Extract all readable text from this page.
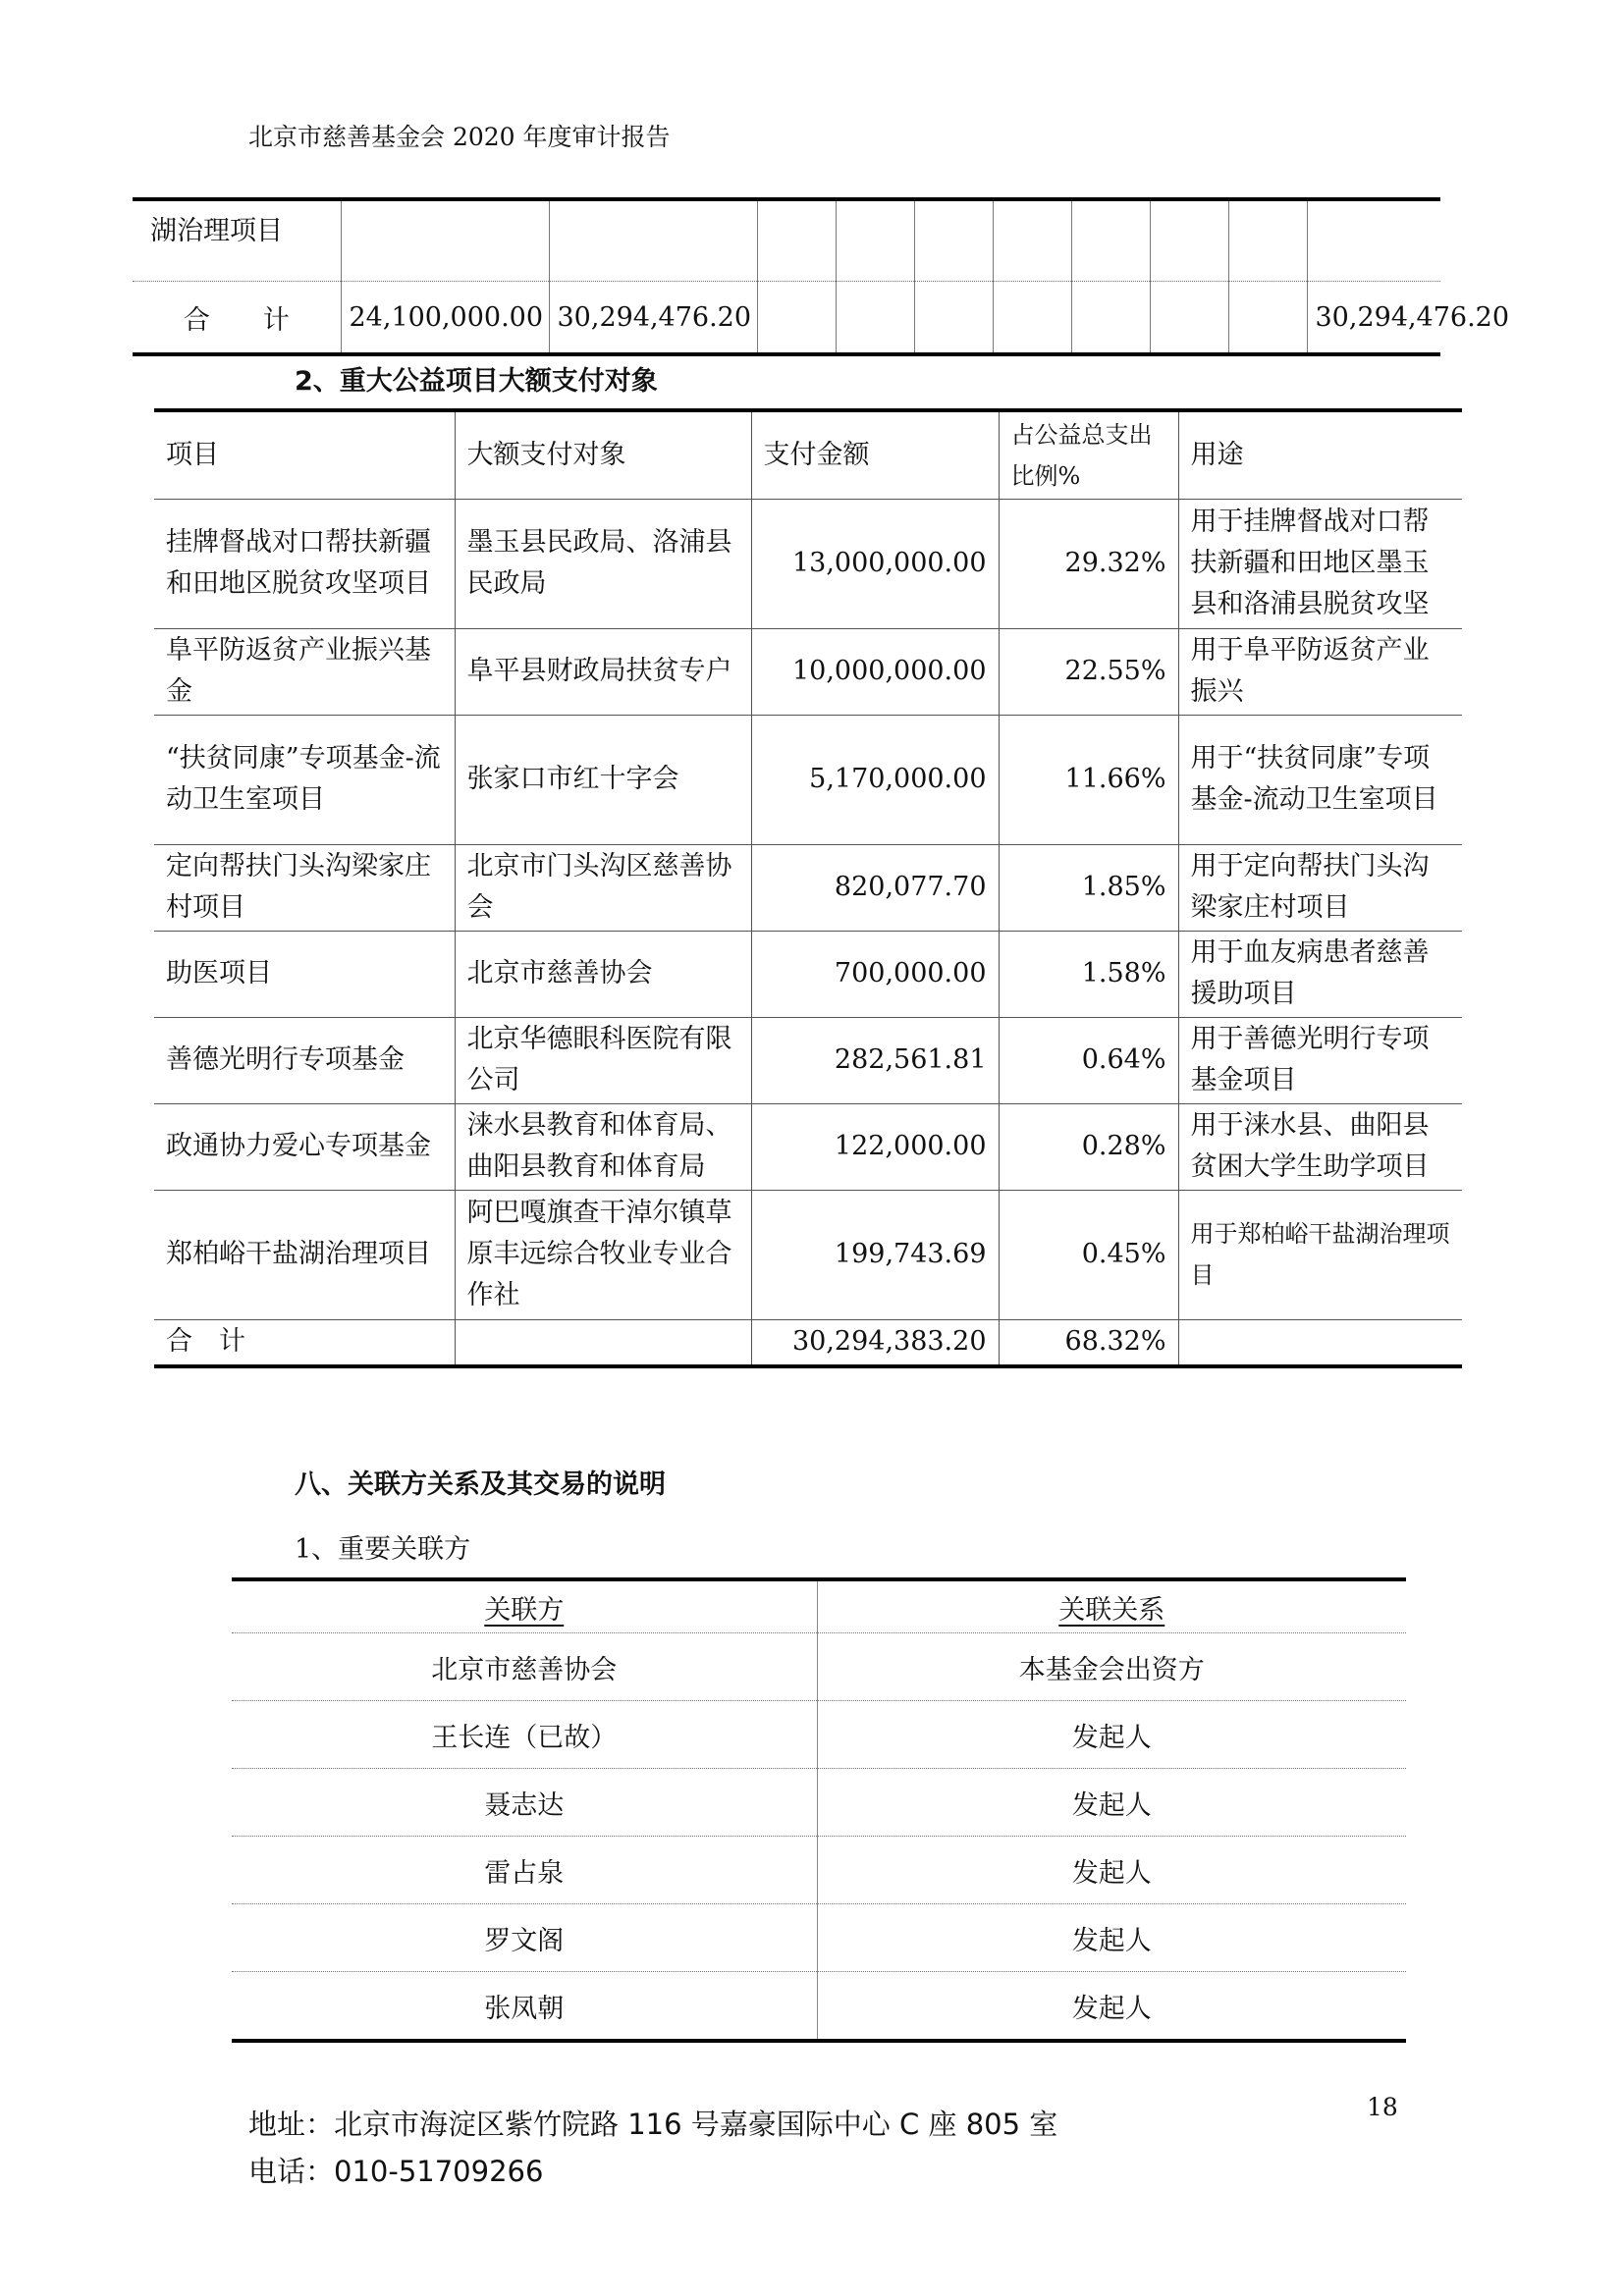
北京市慈善基金会 2020 年度审计报告
湖治理项目										
合　　计	24,100,000.00	30,294,476.20								30,294,476.20
2、重大公益项目大额支付对象
项目	大额支付对象	支付金额	占公益总支出比例%	用途
挂牌督战对口帮扶新疆和田地区脱贫攻坚项目	墨玉县民政局、洛浦县民政局	13,000,000.00	29.32%	用于挂牌督战对口帮扶新疆和田地区墨玉县和洛浦县脱贫攻坚
阜平防返贫产业振兴基金	阜平县财政局扶贫专户	10,000,000.00	22.55%	用于阜平防返贫产业振兴
“扶贫同康”专项基金-流动卫生室项目	张家口市红十字会	5,170,000.00	11.66%	用于“扶贫同康”专项基金-流动卫生室项目
定向帮扶门头沟梁家庄村项目	北京市门头沟区慈善协会	820,077.70	1.85%	用于定向帮扶门头沟梁家庄村项目
助医项目	北京市慈善协会	700,000.00	1.58%	用于血友病患者慈善援助项目
善德光明行专项基金	北京华德眼科医院有限公司	282,561.81	0.64%	用于善德光明行专项基金项目
政通协力爱心专项基金	涞水县教育和体育局、曲阳县教育和体育局	122,000.00	0.28%	用于涞水县、曲阳县贫困大学生助学项目
郑柏峪干盐湖治理项目	阿巴嘎旗查干淖尔镇草原丰远综合牧业专业合作社	199,743.69	0.45%	用于郑柏峪干盐湖治理项目
合　计		30,294,383.20	68.32%	
八、关联方关系及其交易的说明
1、重要关联方
关联方	关联关系
北京市慈善协会	本基金会出资方
王长连（已故）	发起人
聂志达	发起人
雷占泉	发起人
罗文阁	发起人
张凤朝	发起人
地址：北京市海淀区紫竹院路 116 号嘉豪国际中心 C 座 805 室
电话：010-51709266
18
